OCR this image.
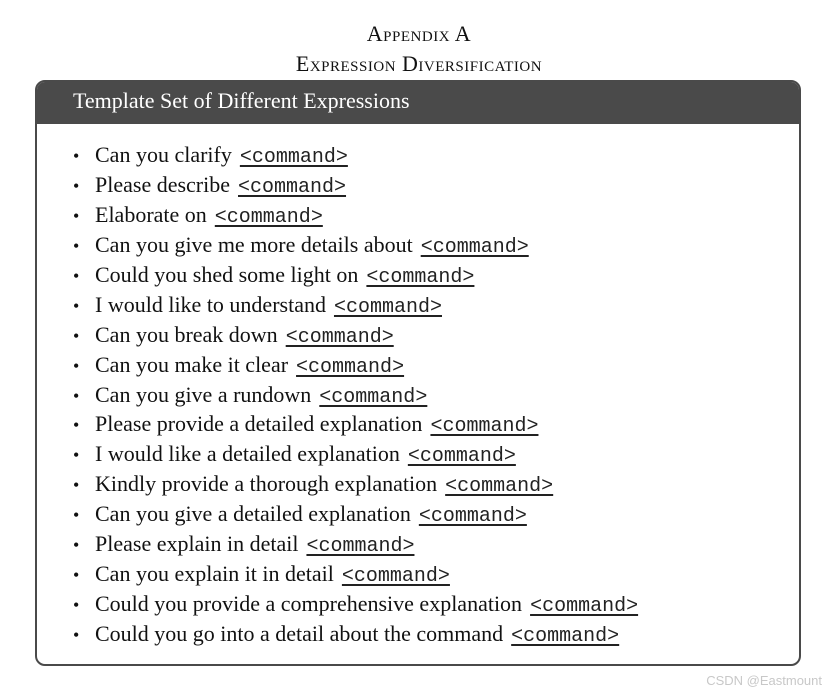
Appendix A
Expression Diversification
Template Set of Different Expressions
• Can you clarify <command>
• Please describe <command>
• Elaborate on <command>
• Can you give me more details about <command>
• Could you shed some light on <command>
• I would like to understand <command>
• Can you break down <command>
• Can you make it clear <command>
• Can you give a rundown <command>
• Please provide a detailed explanation <command>
• I would like a detailed explanation <command>
• Kindly provide a thorough explanation <command>
• Can you give a detailed explanation <command>
• Please explain in detail <command>
• Can you explain it in detail <command>
• Could you provide a comprehensive explanation <command>
• Could you go into a detail about the command <command>
CSDN @Eastmount
